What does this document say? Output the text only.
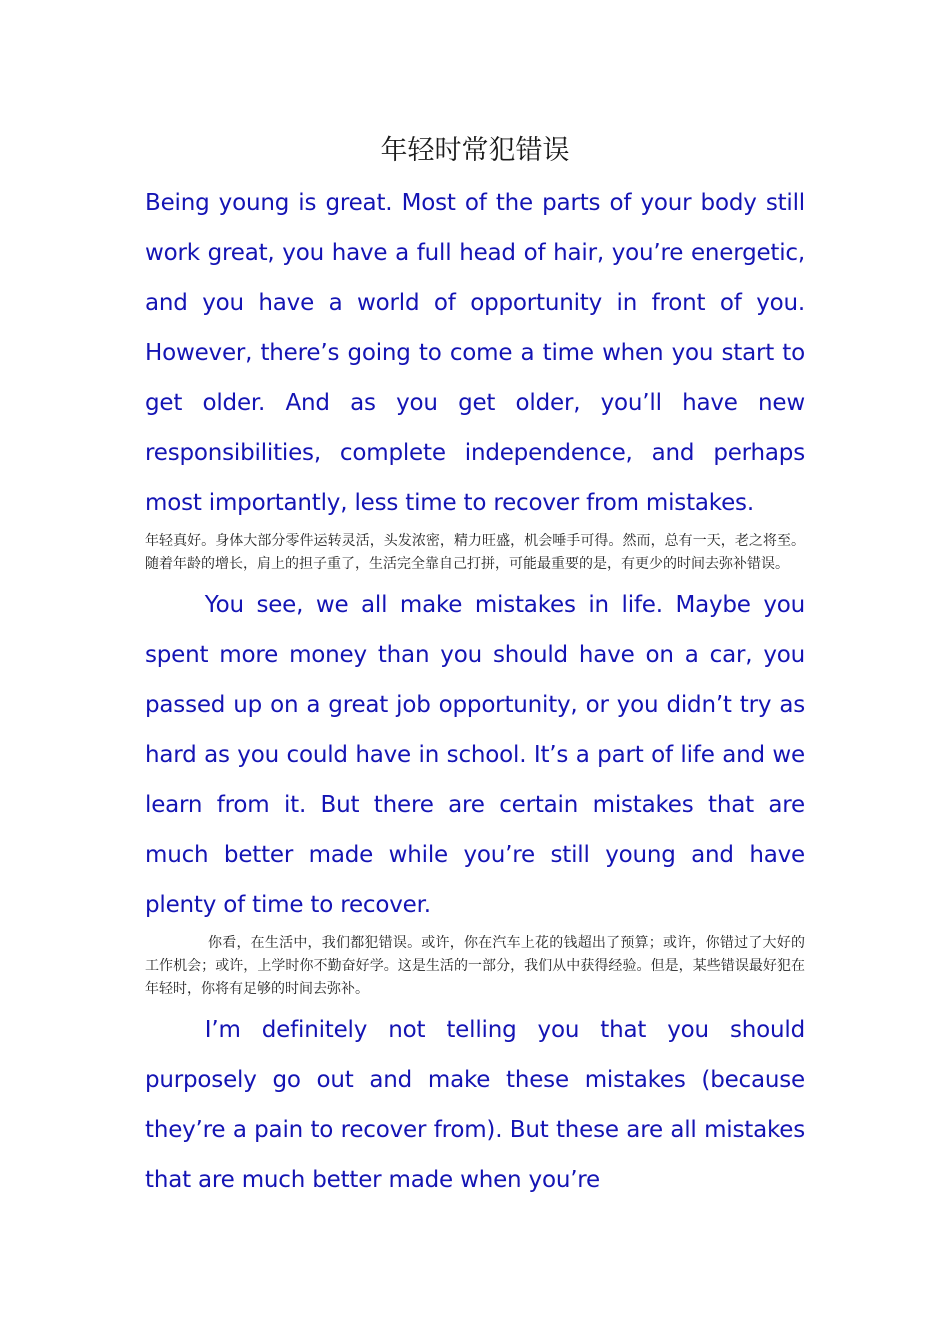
年轻时常犯错误

Being young is great. Most of the parts of your body still work great, you have a full head of hair, you’re energetic, and you have a world of opportunity in front of you. However, there’s going to come a time when you start to get older. And as you get older, you’ll have new responsibilities, complete independence, and perhaps most importantly, less time to recover from mistakes.

年轻真好。身体大部分零件运转灵活，头发浓密，精力旺盛，机会唾手可得。然而，总有一天，老之将至。随着年龄的增长，肩上的担子重了，生活完全靠自己打拼，可能最重要的是，有更少的时间去弥补错误。

You see, we all make mistakes in life. Maybe you spent more money than you should have on a car, you passed up on a great job opportunity, or you didn’t try as hard as you could have in school. It’s a part of life and we learn from it. But there are certain mistakes that are much better made while you’re still young and have plenty of time to recover.

你看，在生活中，我们都犯错误。或许，你在汽车上花的钱超出了预算；或许，你错过了大好的工作机会；或许，上学时你不勤奋好学。这是生活的一部分，我们从中获得经验。但是，某些错误最好犯在年轻时，你将有足够的时间去弥补。

I’m definitely not telling you that you should purposely go out and make these mistakes (because they’re a pain to recover from). But these are all mistakes that are much better made when you’re
